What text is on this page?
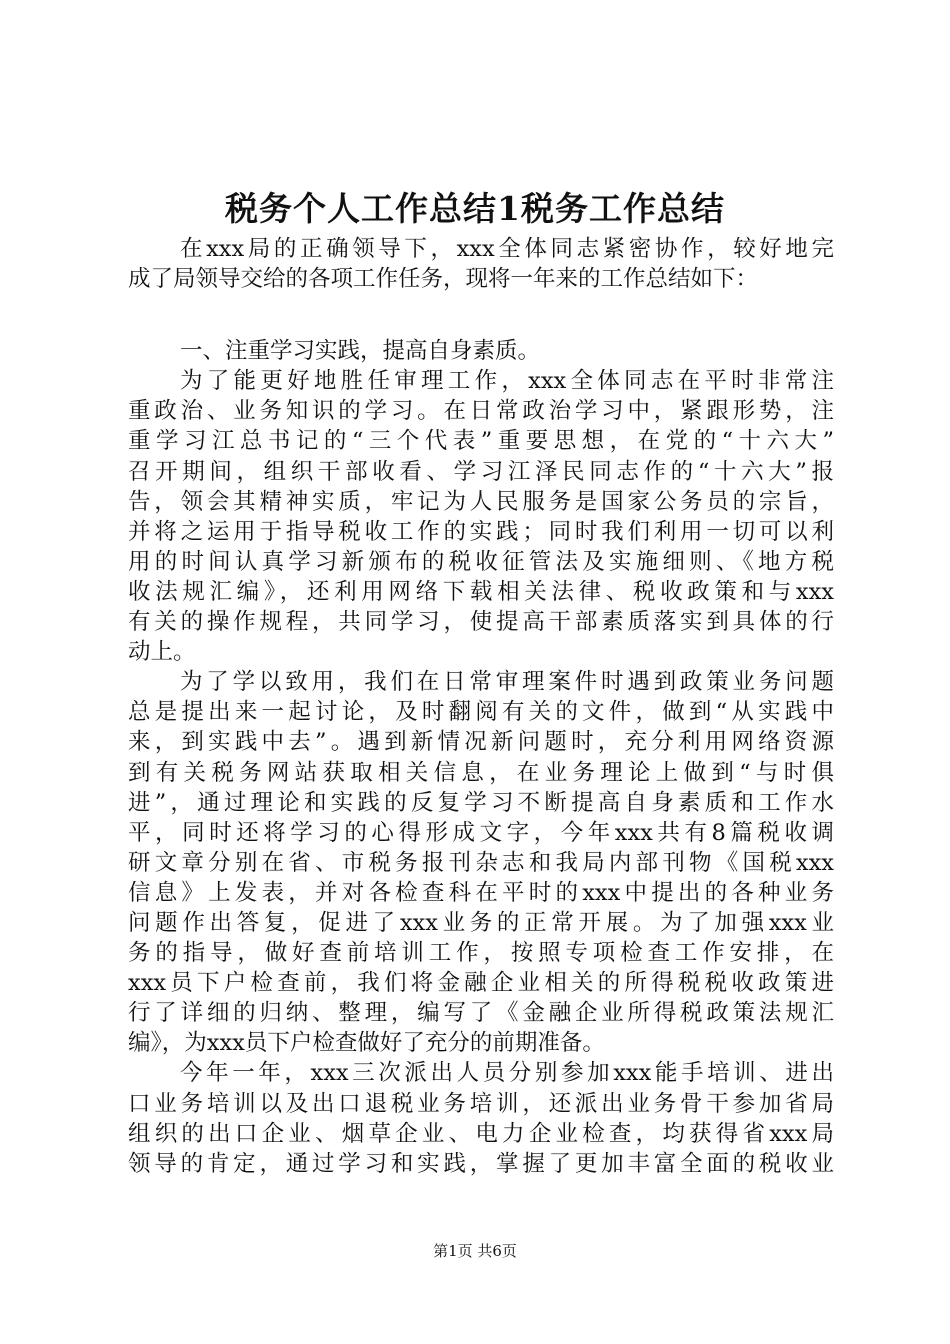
税务个人工作总结1税务工作总结
在xxx局的正确领导下，xxx全体同志紧密协作，较好地完
成了局领导交给的各项工作任务，现将一年来的工作总结如下：
一、注重学习实践，提高自身素质。
为了能更好地胜任审理工作，xxx全体同志在平时非常注
重政治、业务知识的学习。在日常政治学习中，紧跟形势，注
重学习江总书记的“三个代表”重要思想，在党的“十六大”
召开期间，组织干部收看、学习江泽民同志作的“十六大”报
告，领会其精神实质，牢记为人民服务是国家公务员的宗旨，
并将之运用于指导税收工作的实践；同时我们利用一切可以利
用的时间认真学习新颁布的税收征管法及实施细则、《地方税
收法规汇编》，还利用网络下载相关法律、税收政策和与xxx
有关的操作规程，共同学习，使提高干部素质落实到具体的行
动上。
为了学以致用，我们在日常审理案件时遇到政策业务问题
总是提出来一起讨论，及时翻阅有关的文件，做到“从实践中
来，到实践中去”。遇到新情况新问题时，充分利用网络资源
到有关税务网站获取相关信息，在业务理论上做到“与时俱
进”，通过理论和实践的反复学习不断提高自身素质和工作水
平，同时还将学习的心得形成文字，今年xxx共有8篇税收调
研文章分别在省、市税务报刊杂志和我局内部刊物《国税xxx
信息》上发表，并对各检查科在平时的xxx中提出的各种业务
问题作出答复，促进了xxx业务的正常开展。为了加强xxx业
务的指导，做好查前培训工作，按照专项检查工作安排，在
xxx员下户检查前，我们将金融企业相关的所得税税收政策进
行了详细的归纳、整理，编写了《金融企业所得税政策法规汇
编》，为xxx员下户检查做好了充分的前期准备。
今年一年，xxx三次派出人员分别参加xxx能手培训、进出
口业务培训以及出口退税业务培训，还派出业务骨干参加省局
组织的出口企业、烟草企业、电力企业检查，均获得省xxx局
领导的肯定，通过学习和实践，掌握了更加丰富全面的税收业
第1页 共6页
